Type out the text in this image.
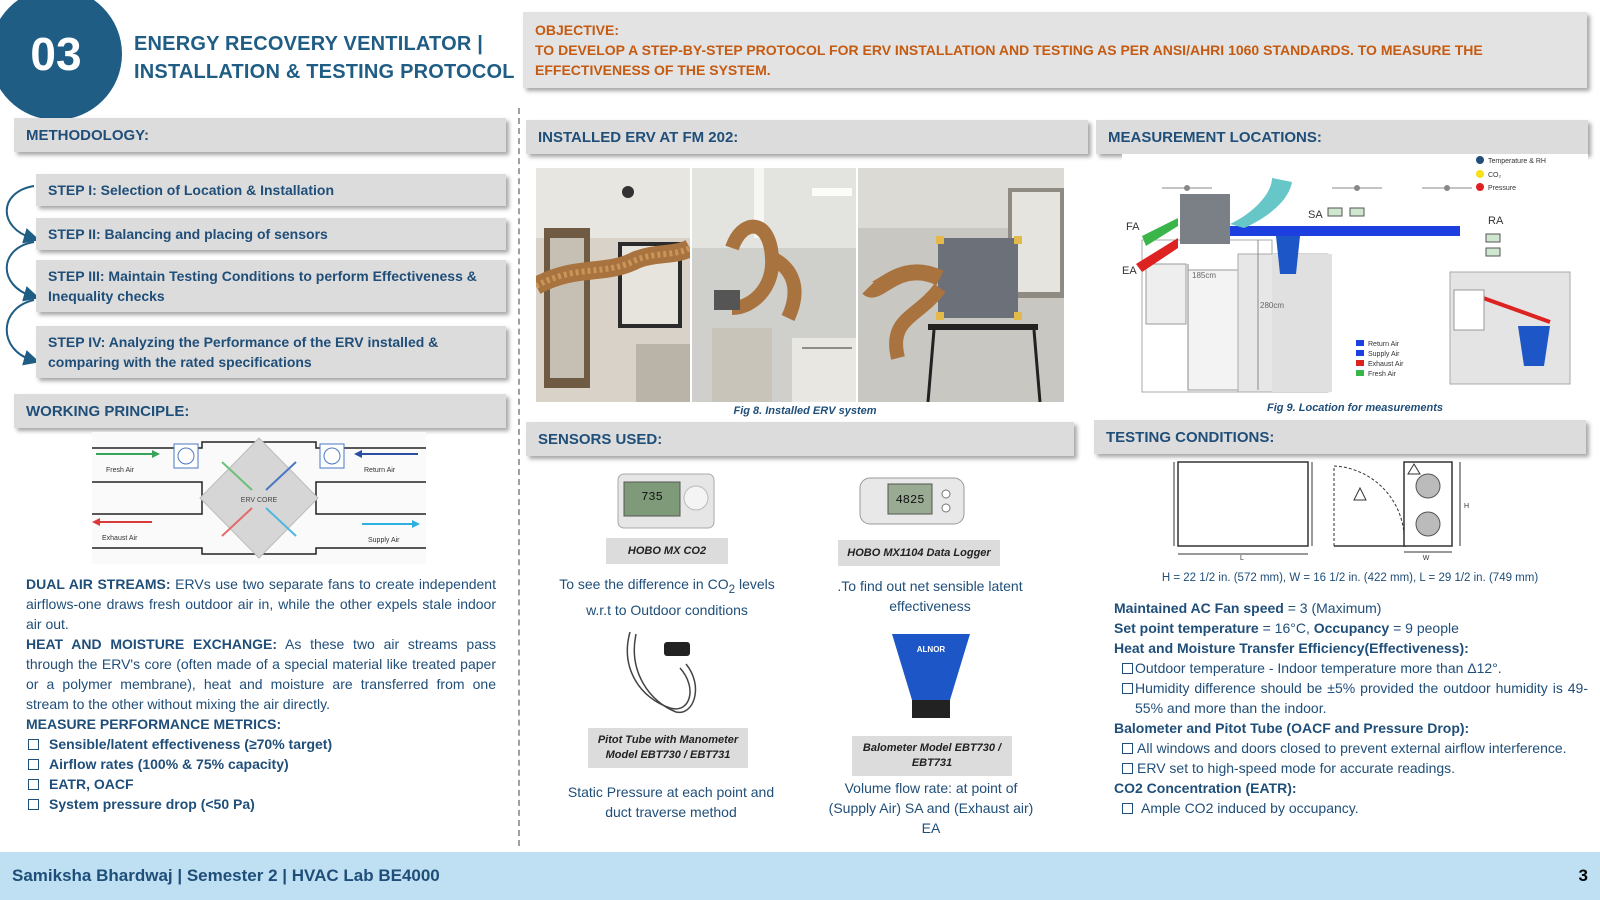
03	ENERGY RECOVERY VENTILATOR |
INSTALLATION & TESTING PROTOCOL
OBJECTIVE:
TO DEVELOP A STEP-BY-STEP PROTOCOL FOR ERV INSTALLATION AND TESTING AS PER ANSI/AHRI 1060 STANDARDS. TO MEASURE THE EFFECTIVENESS OF THE SYSTEM.
METHODOLOGY:
STEP I: Selection of Location & Installation
STEP II: Balancing and placing of sensors
STEP III: Maintain Testing Conditions to perform Effectiveness & Inequality checks
STEP IV: Analyzing the Performance of the ERV installed & comparing with the rated specifications
WORKING PRINCIPLE:
Fresh Air	Return Air
Exhaust Air	Supply Air
ERV CORE

DUAL AIR STREAMS: ERVs use two separate fans to create independent airflows-one draws fresh outdoor air in, while the other expels stale indoor air out.

HEAT AND MOISTURE EXCHANGE: As these two air streams pass through the ERV's core (often made of a special material like treated paper or a polymer membrane), heat and moisture are transferred from one stream to the other without mixing the air directly.

MEASURE PERFORMANCE METRICS:

Sensible/latent effectiveness (≥70% target)
Airflow rates (100% & 75% capacity)
EATR, OACF
System pressure drop (<50 Pa)
INSTALLED ERV AT FM 202:
Fig 8. Installed ERV system
SENSORS USED:
735
HOBO MX CO2
To see the difference in $CO_2$ levels w.r.t to Outdoor conditions
4825
HOBO MX1104 Data Logger
.To find out net sensible latent effectiveness
Pitot Tube with Manometer Model EBT730 / EBT731
Static Pressure at each point and duct traverse method
ALNOR
Balometer Model EBT730 / EBT731
Volume flow rate: at point of (Supply Air) SA and (Exhaust air) EA
MEASUREMENT LOCATIONS:
185cm
280cm
FA
EA
SA	RA
Temperature & RH
CO₂
Pressure
Return Air
Supply Air
Exhaust Air
Fresh Air
Fig 9. Location for measurements
TESTING CONDITIONS:
L
H
W
H = 22 1/2 in. (572 mm), W = 16 1/2 in. (422 mm), L = 29 1/2 in. (749 mm)

Maintained AC Fan speed = 3 (Maximum)

Set point temperature = 16°C, Occupancy = 9 people

Heat and Moisture Transfer Efficiency(Effectiveness):

Outdoor temperature - Indoor temperature more than Δ12°.
Humidity difference should be ±5% provided the outdoor humidity is 49-55% and more than the indoor.

Balometer and Pitot Tube (OACF and Pressure Drop):

All windows and doors closed to prevent external airflow interference.
ERV set to high-speed mode for accurate readings.

CO2 Concentration (EATR):

Ample CO2 induced by occupancy.
Samiksha Bhardwaj | Semester 2 | HVAC Lab BE4000	3
